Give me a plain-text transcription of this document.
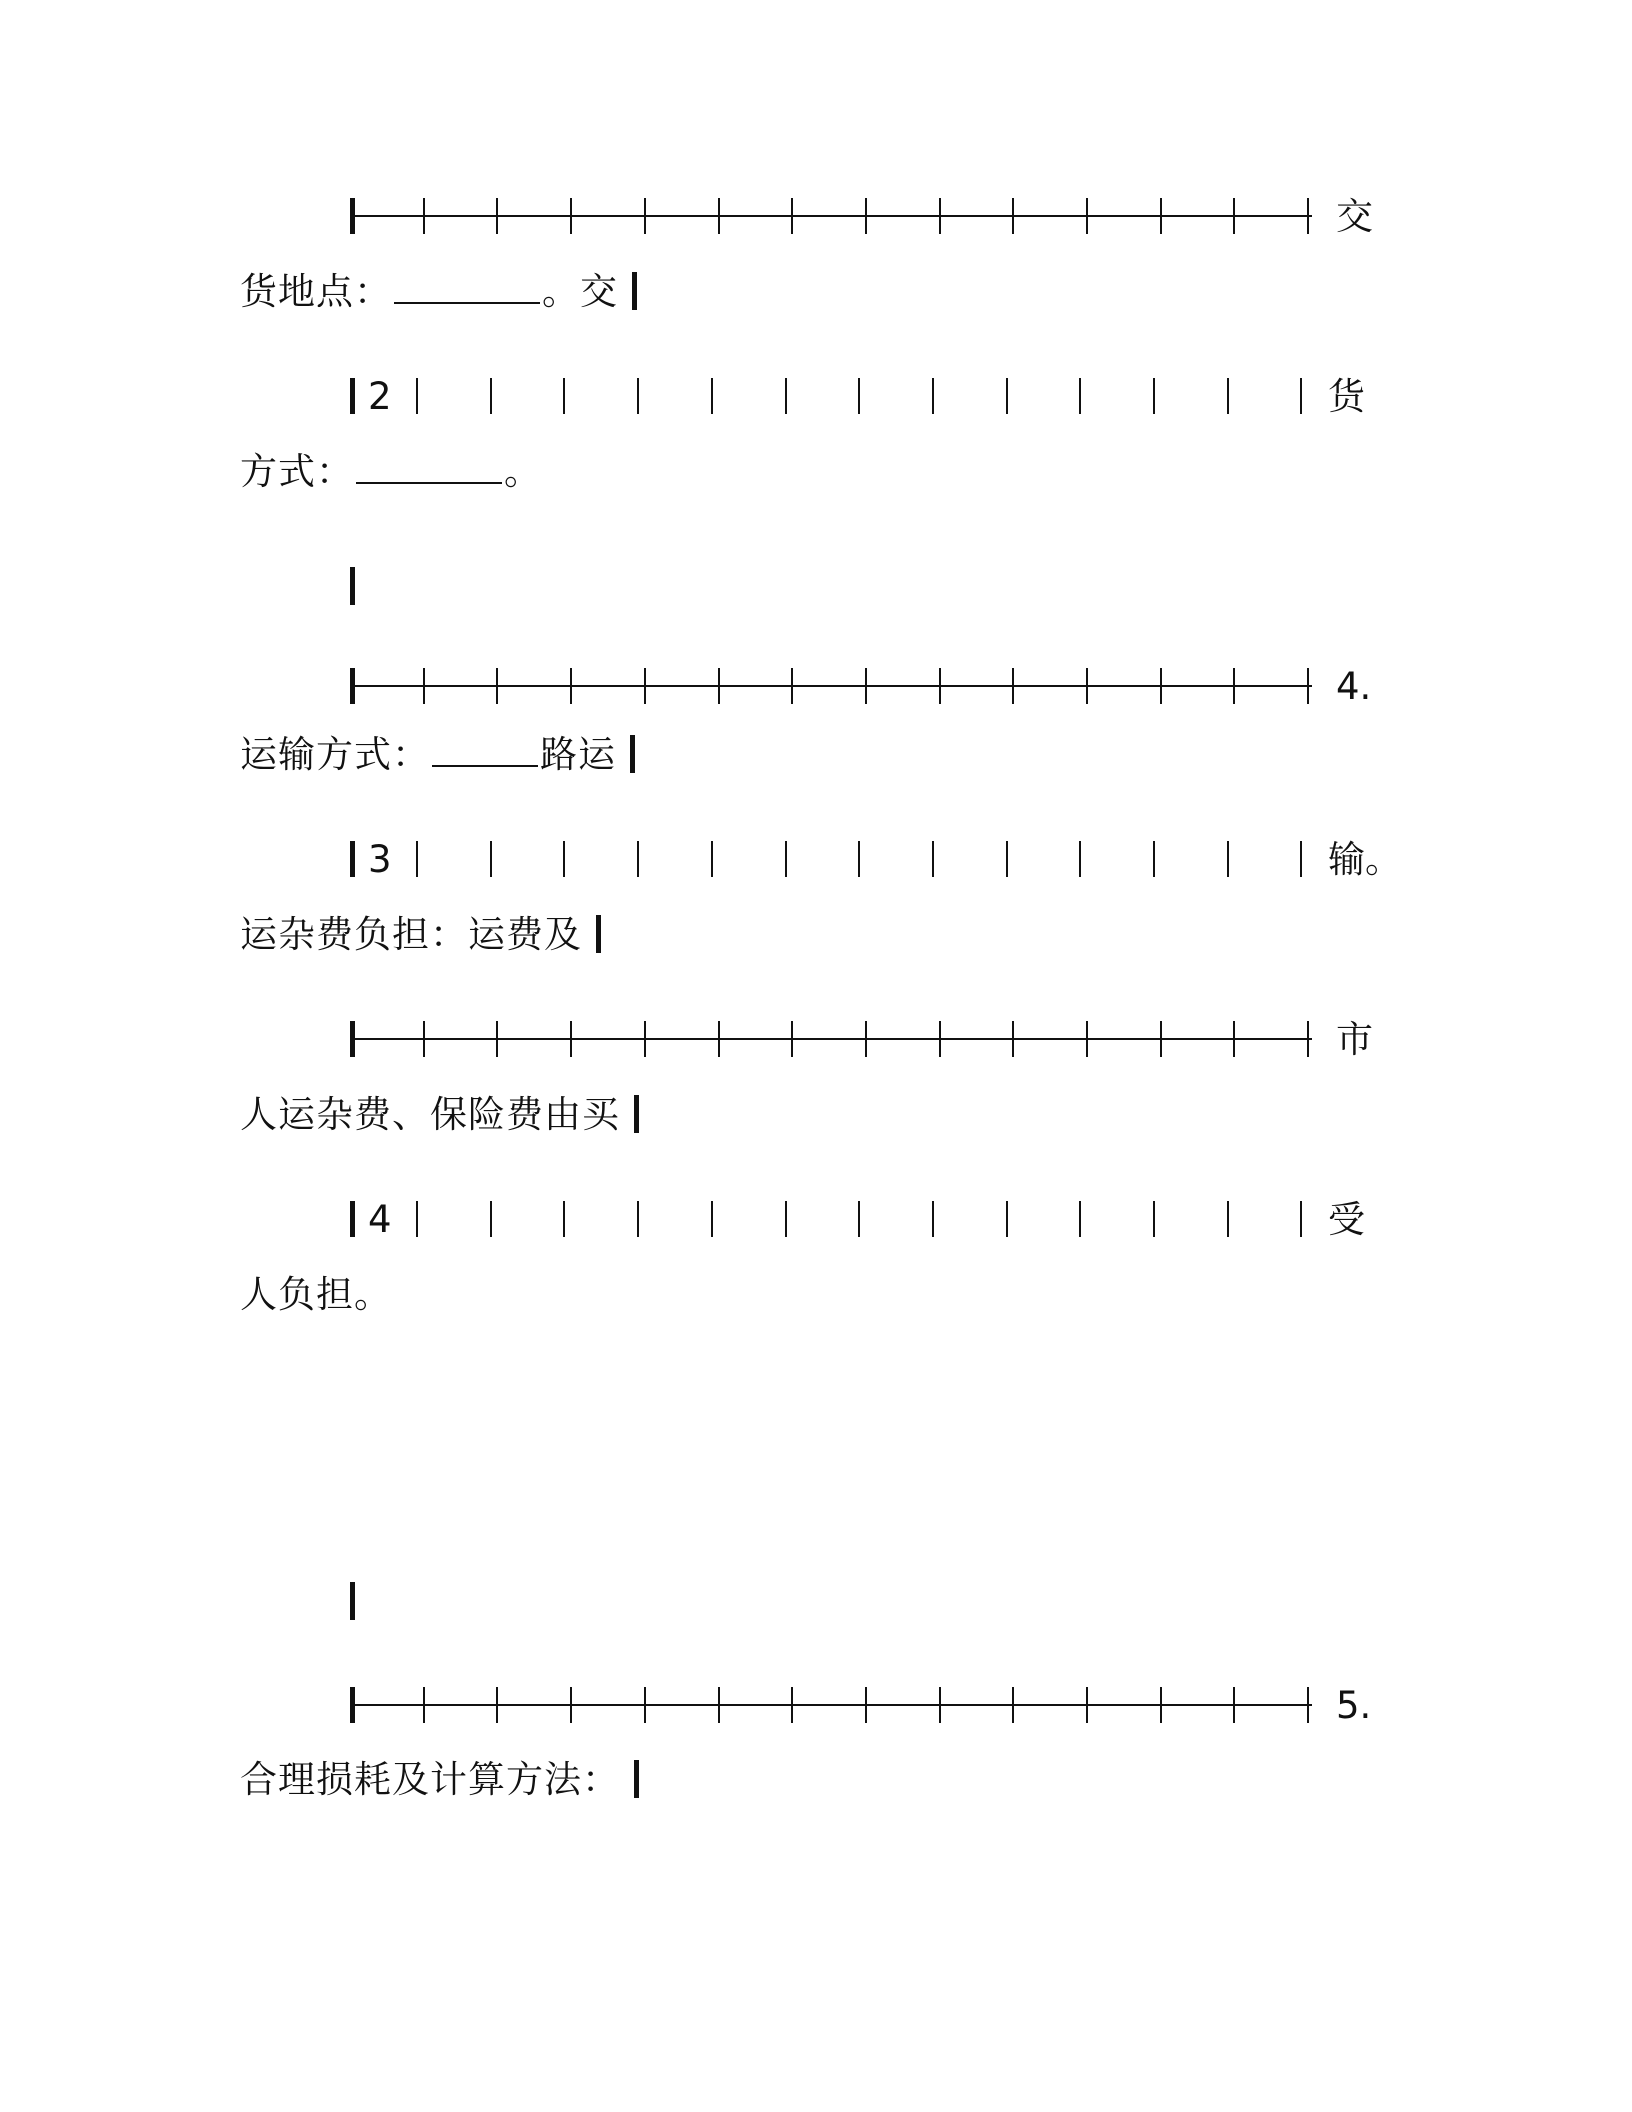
交
货地点：	。交
2	货
方式：	。
4.
运输方式：	路运
3	输。
运杂费负担：运费及
市
人运杂费、保险费由买
4	受
人负担。
5.
合理损耗及计算方法：
